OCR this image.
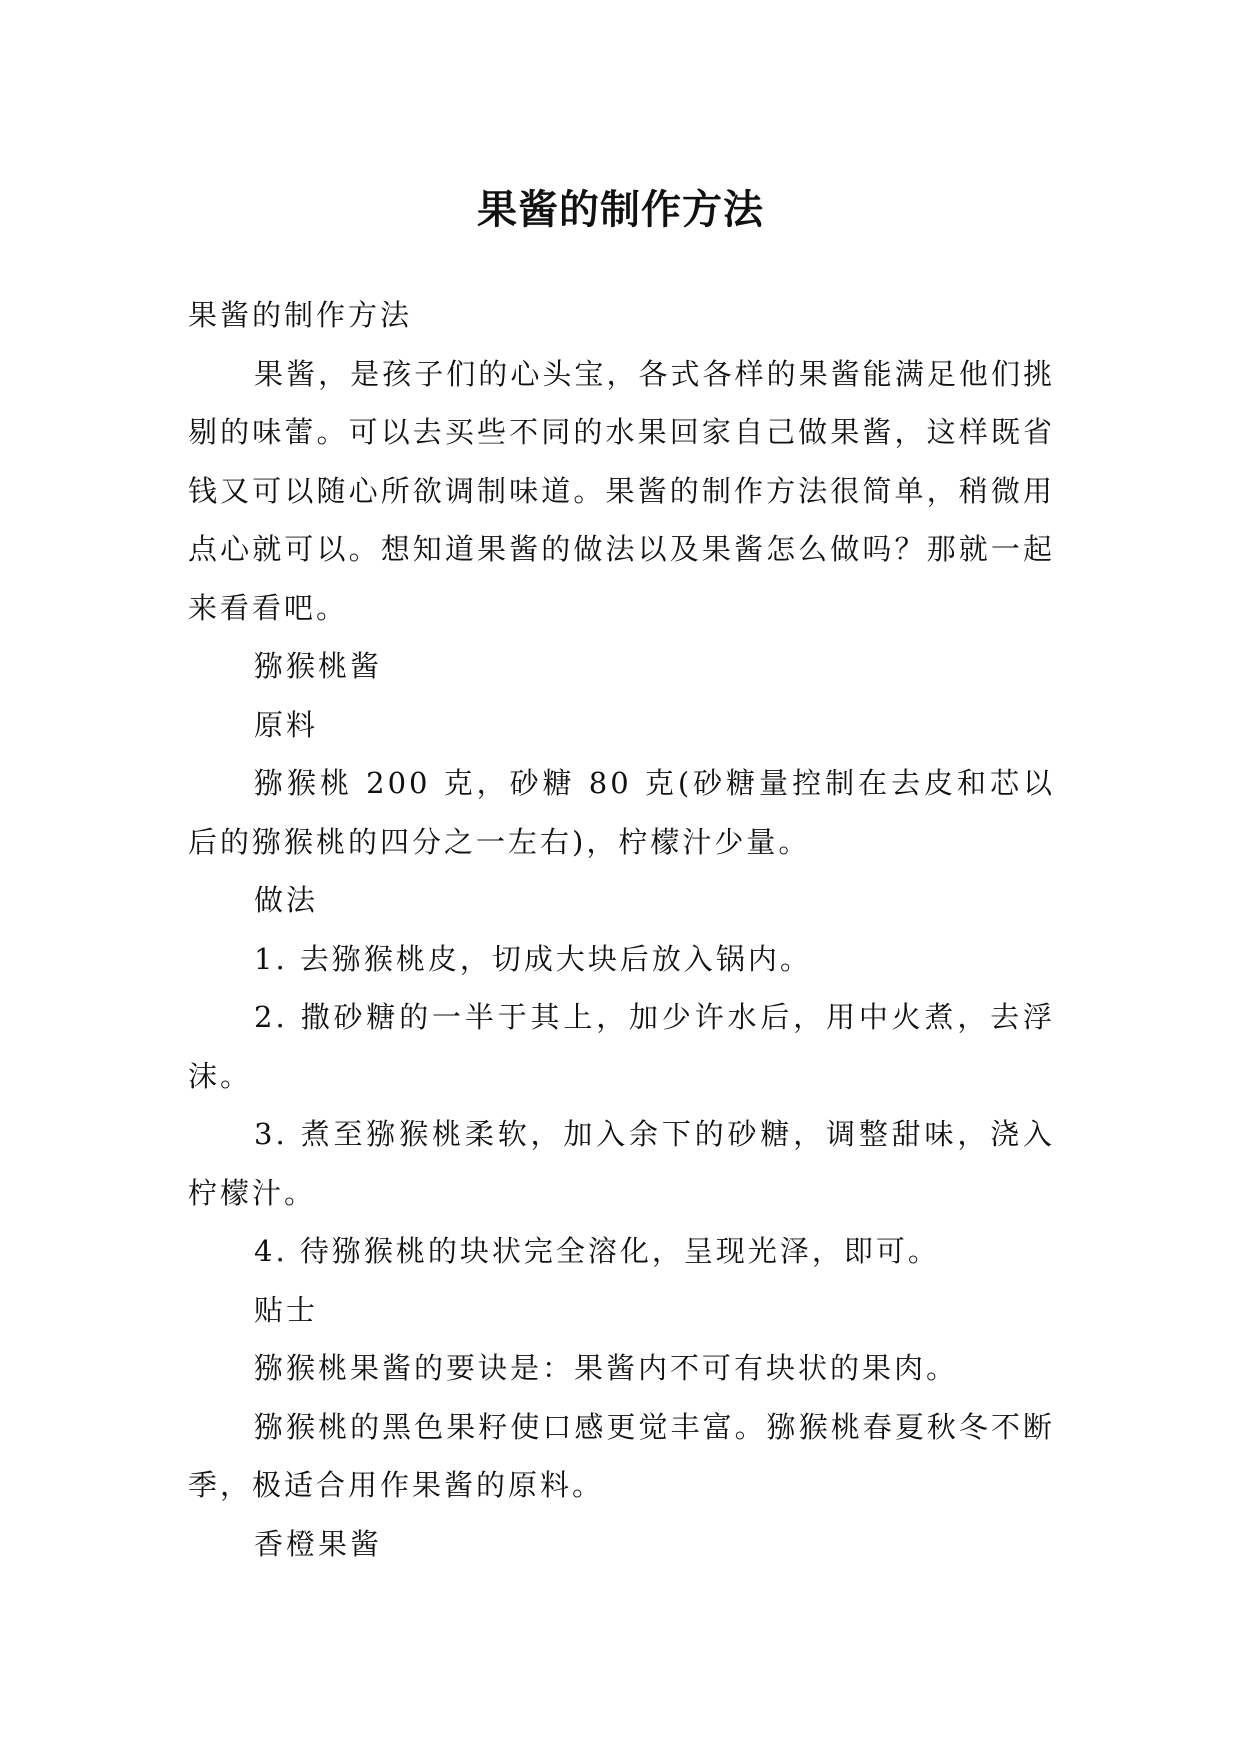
果酱的制作方法

果酱的制作方法

果酱，是孩子们的心头宝，各式各样的果酱能满足他们挑剔的味蕾。可以去买些不同的水果回家自己做果酱，这样既省钱又可以随心所欲调制味道。果酱的制作方法很简单，稍微用点心就可以。想知道果酱的做法以及果酱怎么做吗？那就一起来看看吧。

猕猴桃酱

原料

猕猴桃 200 克，砂糖 80 克(砂糖量控制在去皮和芯以后的猕猴桃的四分之一左右)，柠檬汁少量。

做法

1. 去猕猴桃皮，切成大块后放入锅内。

2. 撒砂糖的一半于其上，加少许水后，用中火煮，去浮沫。

3. 煮至猕猴桃柔软，加入余下的砂糖，调整甜味，浇入柠檬汁。

4. 待猕猴桃的块状完全溶化，呈现光泽，即可。

贴士

猕猴桃果酱的要诀是：果酱内不可有块状的果肉。

猕猴桃的黑色果籽使口感更觉丰富。猕猴桃春夏秋冬不断季，极适合用作果酱的原料。

香橙果酱
